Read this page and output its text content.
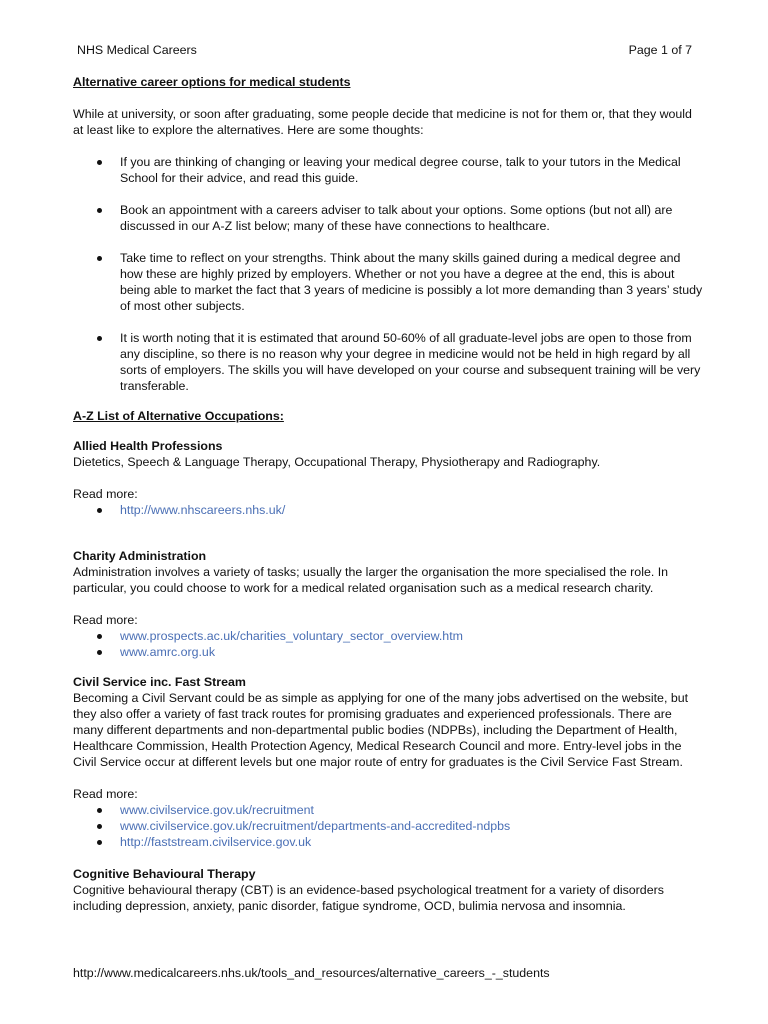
NHS Medical Careers	Page 1 of 7

Alternative career options for medical students

While at university, or soon after graduating, some people decide that medicine is not for them or, that they would at least like to explore the alternatives. Here are some thoughts:

If you are thinking of changing or leaving your medical degree course, talk to your tutors in the Medical School for their advice, and read this guide.
Book an appointment with a careers adviser to talk about your options. Some options (but not all) are discussed in our A-Z list below; many of these have connections to healthcare.
Take time to reflect on your strengths. Think about the many skills gained during a medical degree and how these are highly prized by employers. Whether or not you have a degree at the end, this is about being able to market the fact that 3 years of medicine is possibly a lot more demanding than 3 years’ study of most other subjects.
It is worth noting that it is estimated that around 50-60% of all graduate-level jobs are open to those from any discipline, so there is no reason why your degree in medicine would not be held in high regard by all sorts of employers. The skills you will have developed on your course and subsequent training will be very transferable.

A-Z List of Alternative Occupations:

Allied Health Professions

Dietetics, Speech & Language Therapy, Occupational Therapy, Physiotherapy and Radiography.

Read more:

http://www.nhscareers.nhs.uk/

Charity Administration

Administration involves a variety of tasks; usually the larger the organisation the more specialised the role. In particular, you could choose to work for a medical related organisation such as a medical research charity.

Read more:

www.prospects.ac.uk/charities_voluntary_sector_overview.htm
www.amrc.org.uk

Civil Service inc. Fast Stream

Becoming a Civil Servant could be as simple as applying for one of the many jobs advertised on the website, but they also offer a variety of fast track routes for promising graduates and experienced professionals. There are many different departments and non-departmental public bodies (NDPBs), including the Department of Health, Healthcare Commission, Health Protection Agency, Medical Research Council and more. Entry-level jobs in the Civil Service occur at different levels but one major route of entry for graduates is the Civil Service Fast Stream.

Read more:

www.civilservice.gov.uk/recruitment
www.civilservice.gov.uk/recruitment/departments-and-accredited-ndpbs
http://faststream.civilservice.gov.uk

Cognitive Behavioural Therapy

Cognitive behavioural therapy (CBT) is an evidence-based psychological treatment for a variety of disorders including depression, anxiety, panic disorder, fatigue syndrome, OCD, bulimia nervosa and insomnia.

http://www.medicalcareers.nhs.uk/tools_and_resources/alternative_careers_-_students
